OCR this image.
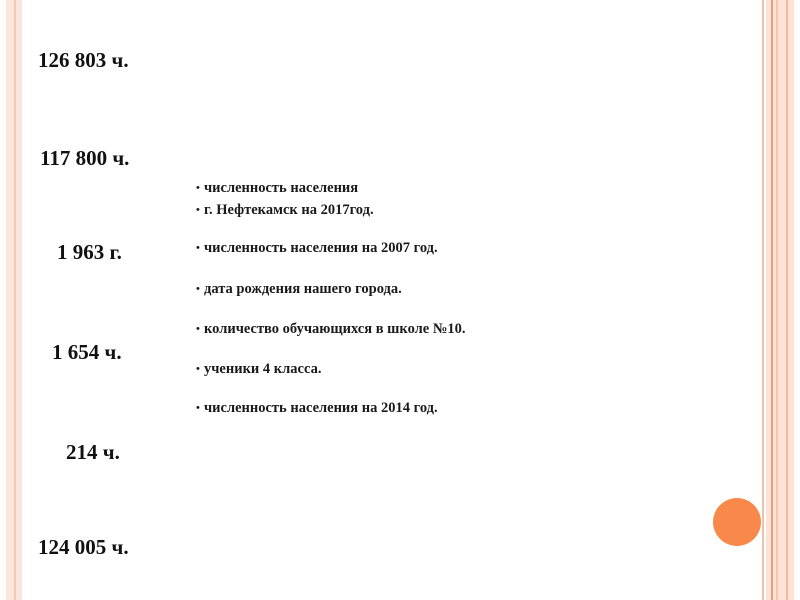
126 803 ч.
117 800 ч.
1 963 г.
1 654 ч.
214 ч.
124 005 ч.
• численность населения
• г. Нефтекамск на 2017год.
• численность населения на 2007 год.
• дата рождения нашего города.
• количество обучающихся в школе №10.
• ученики 4 класса.
• численность населения на 2014 год.
